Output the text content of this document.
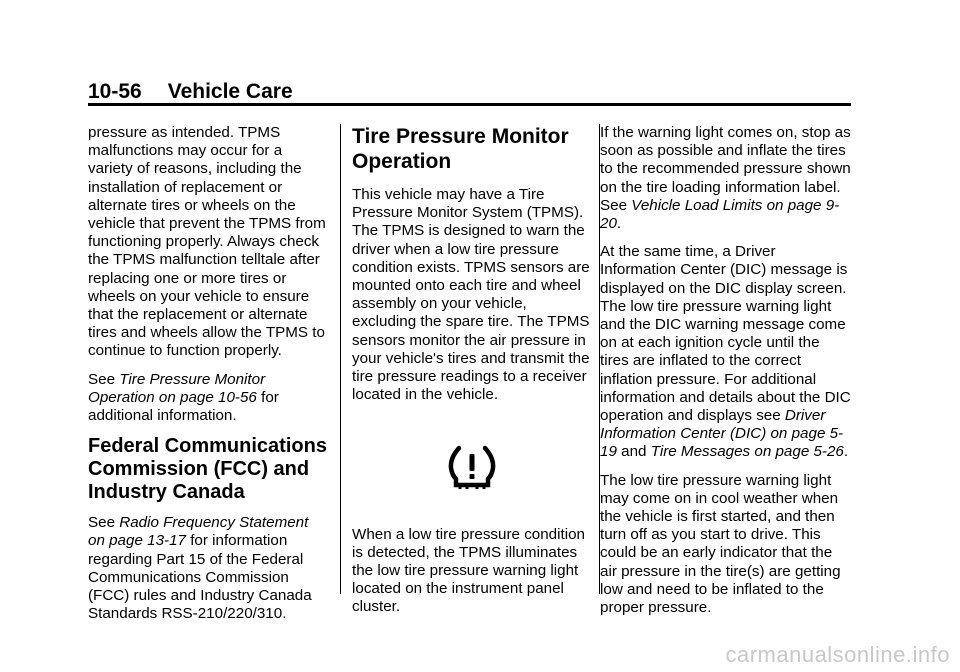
10-56 Vehicle Care

pressure as intended. TPMS malfunctions may occur for a variety of reasons, including the installation of replacement or alternate tires or wheels on the vehicle that prevent the TPMS from functioning properly. Always check the TPMS malfunction telltale after replacing one or more tires or wheels on your vehicle to ensure that the replacement or alternate tires and wheels allow the TPMS to continue to function properly.

See Tire Pressure Monitor Operation on page 10-56 for additional information.

Federal Communications Commission (FCC) and Industry Canada

See Radio Frequency Statement on page 13-17 for information regarding Part 15 of the Federal Communications Commission (FCC) rules and Industry Canada Standards RSS-210/220/310.

Tire Pressure Monitor Operation

This vehicle may have a Tire Pressure Monitor System (TPMS). The TPMS is designed to warn the driver when a low tire pressure condition exists. TPMS sensors are mounted onto each tire and wheel assembly on your vehicle, excluding the spare tire. The TPMS sensors monitor the air pressure in your vehicle's tires and transmit the tire pressure readings to a receiver located in the vehicle.

When a low tire pressure condition is detected, the TPMS illuminates the low tire pressure warning light located on the instrument panel cluster.

If the warning light comes on, stop as soon as possible and inflate the tires to the recommended pressure shown on the tire loading information label. See Vehicle Load Limits on page 9-20.

At the same time, a Driver Information Center (DIC) message is displayed on the DIC display screen. The low tire pressure warning light and the DIC warning message come on at each ignition cycle until the tires are inflated to the correct inflation pressure. For additional information and details about the DIC operation and displays see Driver Information Center (DIC) on page 5-19 and Tire Messages on page 5-26.

The low tire pressure warning light may come on in cool weather when the vehicle is first started, and then turn off as you start to drive. This could be an early indicator that the air pressure in the tire(s) are getting low and need to be inflated to the proper pressure.

carmanualsonline.info
